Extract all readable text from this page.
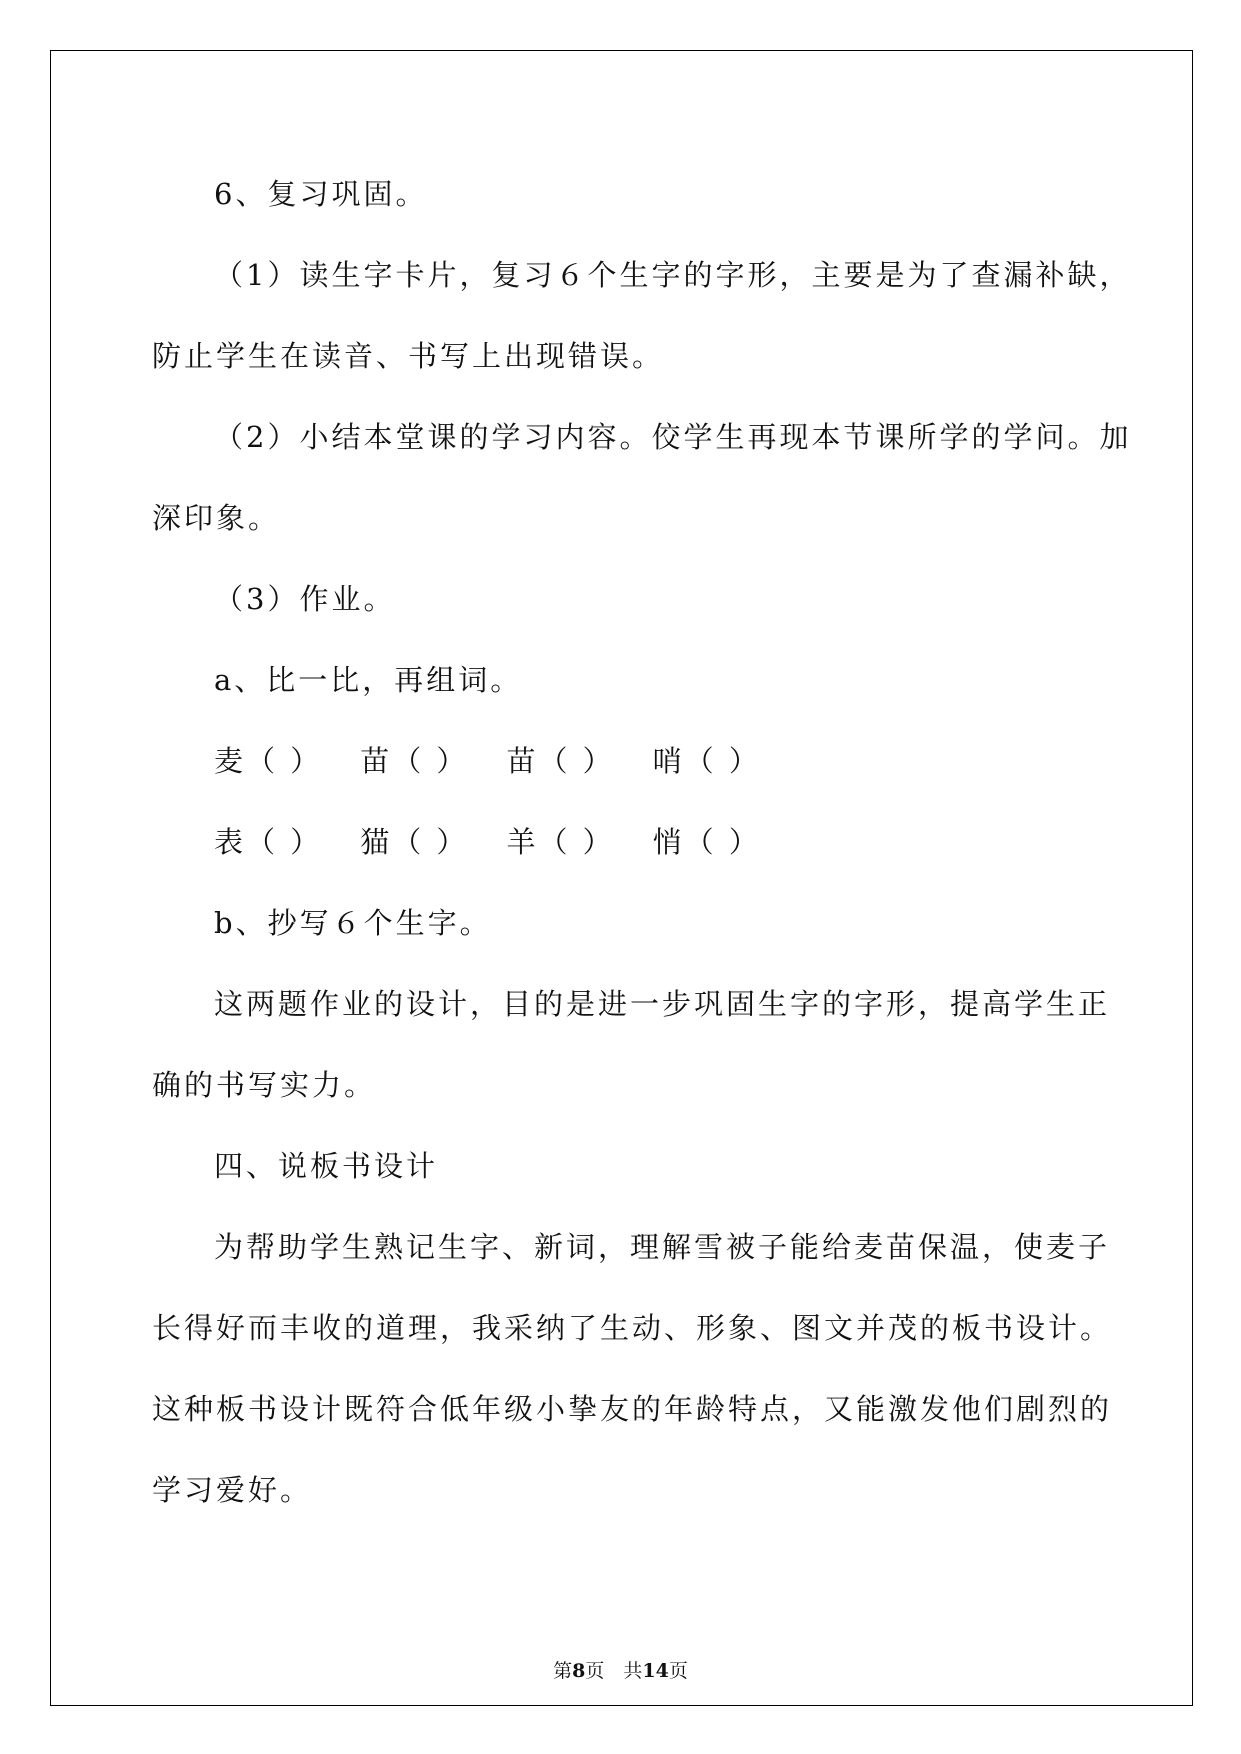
6、复习巩固。
（1）读生字卡片，复习６个生字的字形，主要是为了查漏补缺，
防止学生在读音、书写上出现错误。
（2）小结本堂课的学习内容。佼学生再现本节课所学的学问。加
深印象。
（3）作业。
a、比一比，再组词。
麦（ ） 苗（ ） 苗（ ） 哨（ ）
表（ ） 猫（ ） 羊（ ） 悄（ ）
b、抄写６个生字。
这两题作业的设计，目的是进一步巩固生字的字形，提高学生正
确的书写实力。
四、说板书设计
为帮助学生熟记生字、新词，理解雪被子能给麦苗保温，使麦子
长得好而丰收的道理，我采纳了生动、形象、图文并茂的板书设计。
这种板书设计既符合低年级小挚友的年龄特点，又能激发他们剧烈的
学习爱好。
第8页　共14页
